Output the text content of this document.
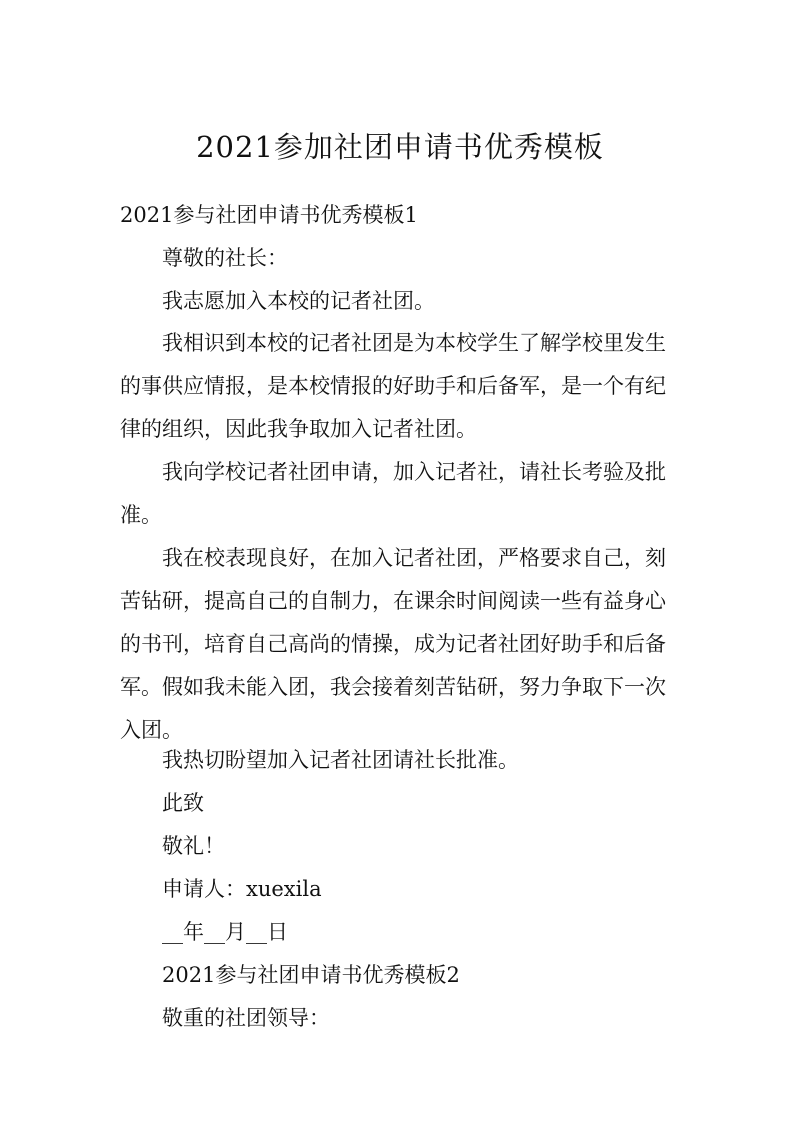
2021参加社团申请书优秀模板
2021参与社团申请书优秀模板1
尊敬的社长：
我志愿加入本校的记者社团。
我相识到本校的记者社团是为本校学生了解学校里发生的事供应情报，是本校情报的好助手和后备军，是一个有纪律的组织，因此我争取加入记者社团。
我向学校记者社团申请，加入记者社，请社长考验及批准。
我在校表现良好，在加入记者社团，严格要求自己，刻苦钻研，提高自己的自制力，在课余时间阅读一些有益身心的书刊，培育自己高尚的情操，成为记者社团好助手和后备军。假如我未能入团，我会接着刻苦钻研，努力争取下一次入团。
我热切盼望加入记者社团请社长批准。
此致
敬礼！
申请人：xuexila
__年__月__日
2021参与社团申请书优秀模板2
敬重的社团领导：
